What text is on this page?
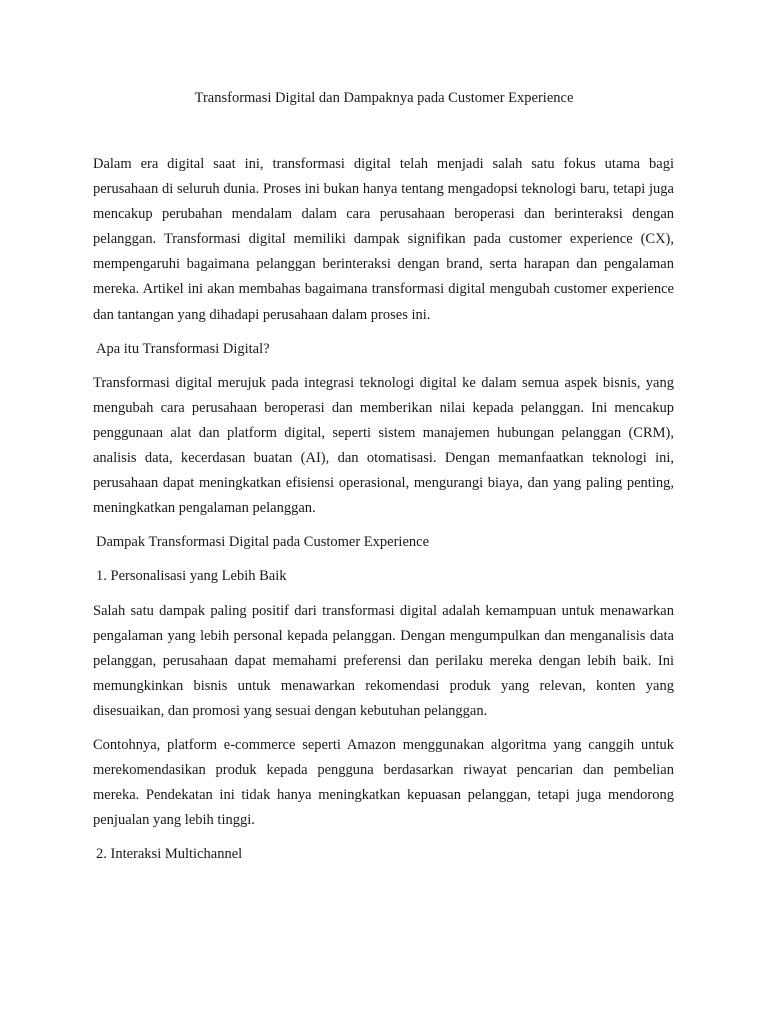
Transformasi Digital dan Dampaknya pada Customer Experience

Dalam era digital saat ini, transformasi digital telah menjadi salah satu fokus utama bagi perusahaan di seluruh dunia. Proses ini bukan hanya tentang mengadopsi teknologi baru, tetapi juga mencakup perubahan mendalam dalam cara perusahaan beroperasi dan berinteraksi dengan pelanggan. Transformasi digital memiliki dampak signifikan pada customer experience (CX), mempengaruhi bagaimana pelanggan berinteraksi dengan brand, serta harapan dan pengalaman mereka. Artikel ini akan membahas bagaimana transformasi digital mengubah customer experience dan tantangan yang dihadapi perusahaan dalam proses ini.

Apa itu Transformasi Digital?

Transformasi digital merujuk pada integrasi teknologi digital ke dalam semua aspek bisnis, yang mengubah cara perusahaan beroperasi dan memberikan nilai kepada pelanggan. Ini mencakup penggunaan alat dan platform digital, seperti sistem manajemen hubungan pelanggan (CRM), analisis data, kecerdasan buatan (AI), dan otomatisasi. Dengan memanfaatkan teknologi ini, perusahaan dapat meningkatkan efisiensi operasional, mengurangi biaya, dan yang paling penting, meningkatkan pengalaman pelanggan.

Dampak Transformasi Digital pada Customer Experience

1. Personalisasi yang Lebih Baik

Salah satu dampak paling positif dari transformasi digital adalah kemampuan untuk menawarkan pengalaman yang lebih personal kepada pelanggan. Dengan mengumpulkan dan menganalisis data pelanggan, perusahaan dapat memahami preferensi dan perilaku mereka dengan lebih baik. Ini memungkinkan bisnis untuk menawarkan rekomendasi produk yang relevan, konten yang disesuaikan, dan promosi yang sesuai dengan kebutuhan pelanggan.

Contohnya, platform e-commerce seperti Amazon menggunakan algoritma yang canggih untuk merekomendasikan produk kepada pengguna berdasarkan riwayat pencarian dan pembelian mereka. Pendekatan ini tidak hanya meningkatkan kepuasan pelanggan, tetapi juga mendorong penjualan yang lebih tinggi.

2. Interaksi Multichannel
